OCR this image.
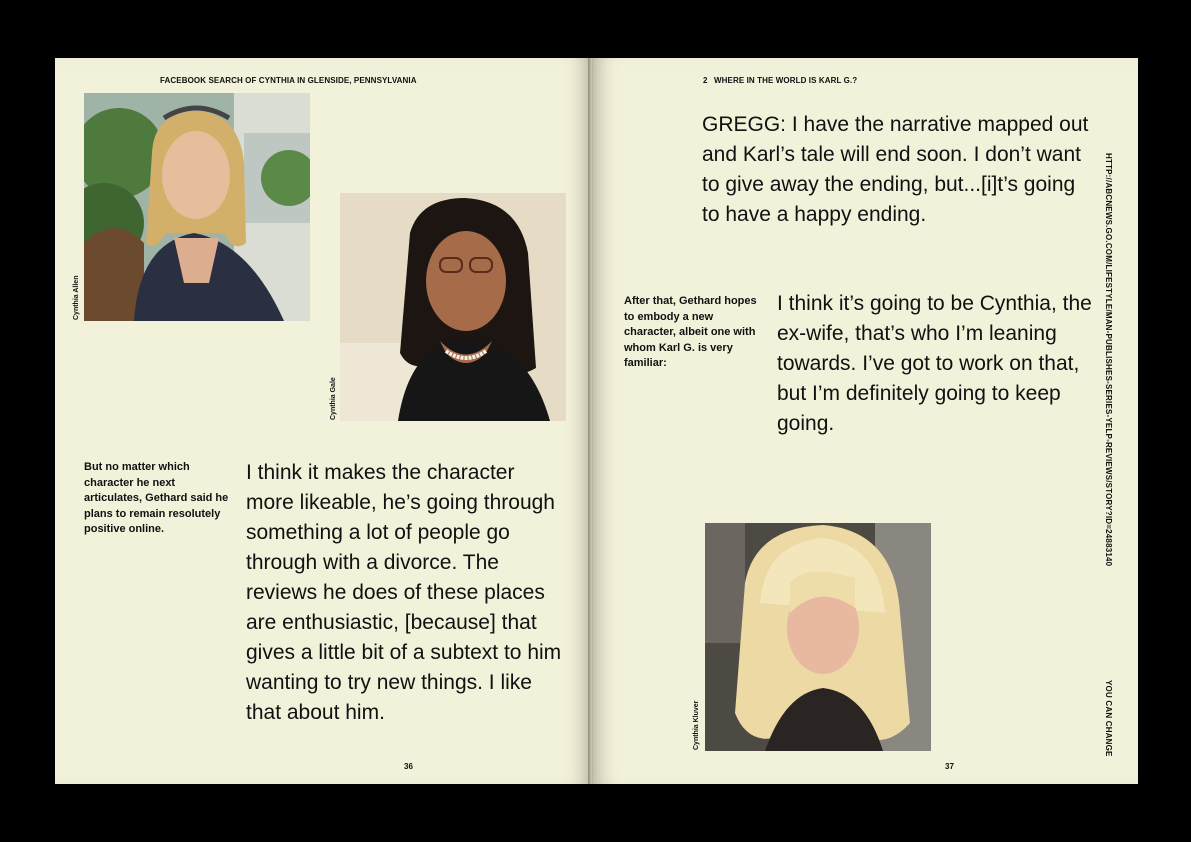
FACEBOOK SEARCH OF CYNTHIA IN GLENSIDE, PENNSYLVANIA
Cynthia Allen
Cynthia Gale
But no matter which character he next articulates, Gethard said he plans to remain resolutely positive online.
I think it makes the character more likeable, he’s going through something a lot of people go through with a divorce. The reviews he does of these places are enthusiastic, [because] that gives a little bit of a subtext to him wanting to try new things. I like that about him.
36
2 WHERE IN THE WORLD IS KARL G.?
GREGG: I have the narrative mapped out and Karl’s tale will end soon. I don’t want to give away the ending, but...[i]t’s going to have a happy ending.
After that, Gethard hopes to embody a new character, albeit one with whom Karl G. is very familiar:
I think it’s going to be Cynthia, the ex-wife, that’s who I’m leaning towards. I’ve got to work on that, but I’m definitely going to keep going.
Cynthia Kluver
HTTP://ABCNEWS.GO.COM/LIFESTYLE/MAN-PUBLISHES-SERIES-YELP-REVIEWS/STORY?ID=24883140
YOU CAN CHANGE
37
